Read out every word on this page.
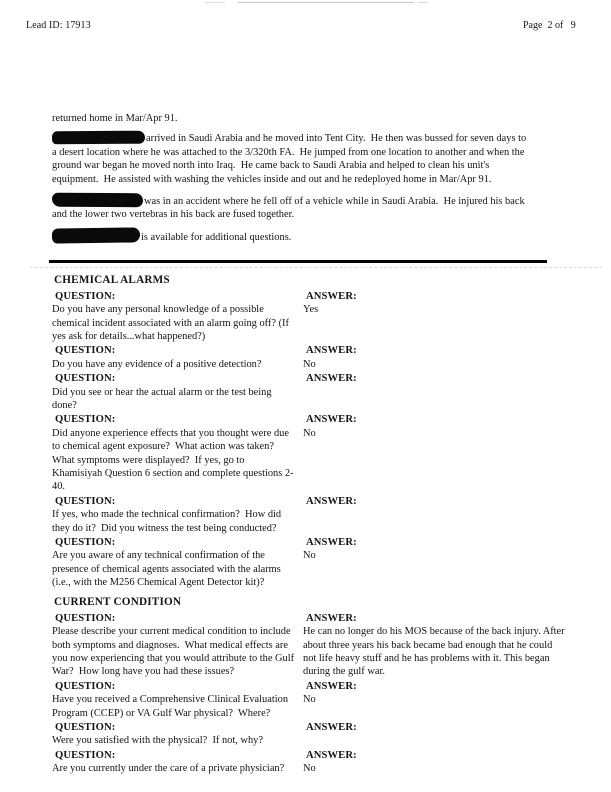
Lead ID: 17913	Page  2 of   9

returned home in Mar/Apr 91.

arrived in Saudi Arabia and he moved into Tent City.  He then was bussed for seven days to a desert location where he was attached to the 3/320th FA.  He jumped from one location to another and when the ground war began he moved north into Iraq.  He came back to Saudi Arabia and helped to clean his unit's equipment.  He assisted with washing the vehicles inside and out and he redeployed home in Mar/Apr 91.

was in an accident where he fell off of a vehicle while in Saudi Arabia.  He injured his back and the lower two vertebras in his back are fused together.

is available for additional questions.

CHEMICAL ALARMS
QUESTION:
Do you have any personal knowledge of a possible chemical incident associated with an alarm going off? (If yes ask for details...what happened?)
ANSWER:
Yes
QUESTION:
Do you have any evidence of a positive detection?
ANSWER:
No
QUESTION:
Did you see or hear the actual alarm or the test being done?
ANSWER:
QUESTION:
Did anyone experience effects that you thought were due to chemical agent exposure?  What action was taken? What symptoms were displayed?  If yes, go to Khamisiyah Question 6 section and complete questions 2-40.
ANSWER:
No
QUESTION:
If yes, who made the technical confirmation?  How did they do it?  Did you witness the test being conducted?
ANSWER:
QUESTION:
Are you aware of any technical confirmation of the presence of chemical agents associated with the alarms (i.e., with the M256 Chemical Agent Detector kit)?
ANSWER:
No
CURRENT CONDITION
QUESTION:
Please describe your current medical condition to include both symptoms and diagnoses.  What medical effects are you now experiencing that you would attribute to the Gulf War?  How long have you had these issues?
ANSWER:
He can no longer do his MOS because of the back injury. After about three years his back became bad enough that he could not life heavy stuff and he has problems with it. This began during the gulf war.
QUESTION:
Have you received a Comprehensive Clinical Evaluation Program (CCEP) or VA Gulf War physical?  Where?
ANSWER:
No
QUESTION:
Were you satisfied with the physical?  If not, why?
ANSWER:
QUESTION:
Are you currently under the care of a private physician?
ANSWER:
No
